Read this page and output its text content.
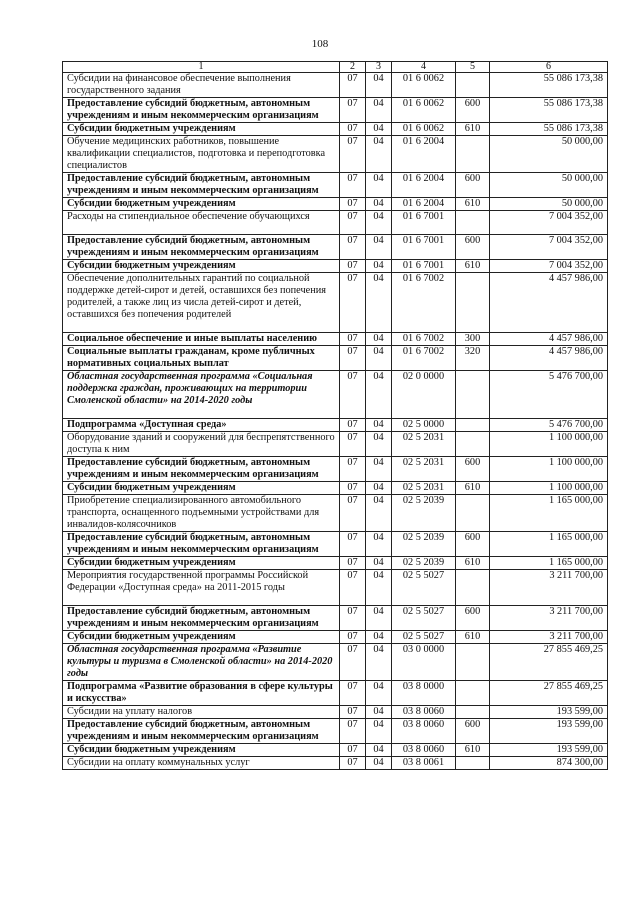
108
1	2	3	4	5	6
Субсидии на финансовое обеспечение выполнения государственного задания	07	04	01 6 0062		55 086 173,38
Предоставление субсидий бюджетным, автономным учреждениям и иным некоммерческим организациям	07	04	01 6 0062	600	55 086 173,38
Субсидии бюджетным учреждениям	07	04	01 6 0062	610	55 086 173,38
Обучение медицинских работников, повышение квалификации специалистов, подготовка и переподготовка специалистов	07	04	01 6 2004		50 000,00
Предоставление субсидий бюджетным, автономным учреждениям и иным некоммерческим организациям	07	04	01 6 2004	600	50 000,00
Субсидии бюджетным учреждениям	07	04	01 6 2004	610	50 000,00
Расходы на стипендиальное обеспечение обучающихся	07	04	01 6 7001		7 004 352,00
Предоставление субсидий бюджетным, автономным учреждениям и иным некоммерческим организациям	07	04	01 6 7001	600	7 004 352,00
Субсидии бюджетным учреждениям	07	04	01 6 7001	610	7 004 352,00
Обеспечение дополнительных гарантий по социальной поддержке детей-сирот и детей, оставшихся без попечения родителей, а также лиц из числа детей-сирот и детей, оставшихся без попечения родителей	07	04	01 6 7002		4 457 986,00
Социальное обеспечение и иные выплаты населению	07	04	01 6 7002	300	4 457 986,00
Социальные выплаты гражданам, кроме публичных нормативных социальных выплат	07	04	01 6 7002	320	4 457 986,00
Областная государственная программа «Социальная поддержка граждан, проживающих на территории Смоленской области» на 2014-2020 годы	07	04	02 0 0000		5 476 700,00
Подпрограмма «Доступная среда»	07	04	02 5 0000		5 476 700,00
Оборудование зданий и сооружений для беспрепятственного доступа к ним	07	04	02 5 2031		1 100 000,00
Предоставление субсидий бюджетным, автономным учреждениям и иным некоммерческим организациям	07	04	02 5 2031	600	1 100 000,00
Субсидии бюджетным учреждениям	07	04	02 5 2031	610	1 100 000,00
Приобретение специализированного автомобильного транспорта, оснащенного подъемными устройствами для инвалидов-колясочников	07	04	02 5 2039		1 165 000,00
Предоставление субсидий бюджетным, автономным учреждениям и иным некоммерческим организациям	07	04	02 5 2039	600	1 165 000,00
Субсидии бюджетным учреждениям	07	04	02 5 2039	610	1 165 000,00
Мероприятия государственной программы Российской Федерации «Доступная среда» на 2011-2015 годы	07	04	02 5 5027		3 211 700,00
Предоставление субсидий бюджетным, автономным учреждениям и иным некоммерческим организациям	07	04	02 5 5027	600	3 211 700,00
Субсидии бюджетным учреждениям	07	04	02 5 5027	610	3 211 700,00
Областная государственная программа «Развитие культуры и туризма в Смоленской области» на 2014-2020 годы	07	04	03 0 0000		27 855 469,25
Подпрограмма «Развитие образования в сфере культуры и искусства»	07	04	03 8 0000		27 855 469,25
Субсидии на уплату налогов	07	04	03 8 0060		193 599,00
Предоставление субсидий бюджетным, автономным учреждениям и иным некоммерческим организациям	07	04	03 8 0060	600	193 599,00
Субсидии бюджетным учреждениям	07	04	03 8 0060	610	193 599,00
Субсидии на оплату коммунальных услуг	07	04	03 8 0061		874 300,00
